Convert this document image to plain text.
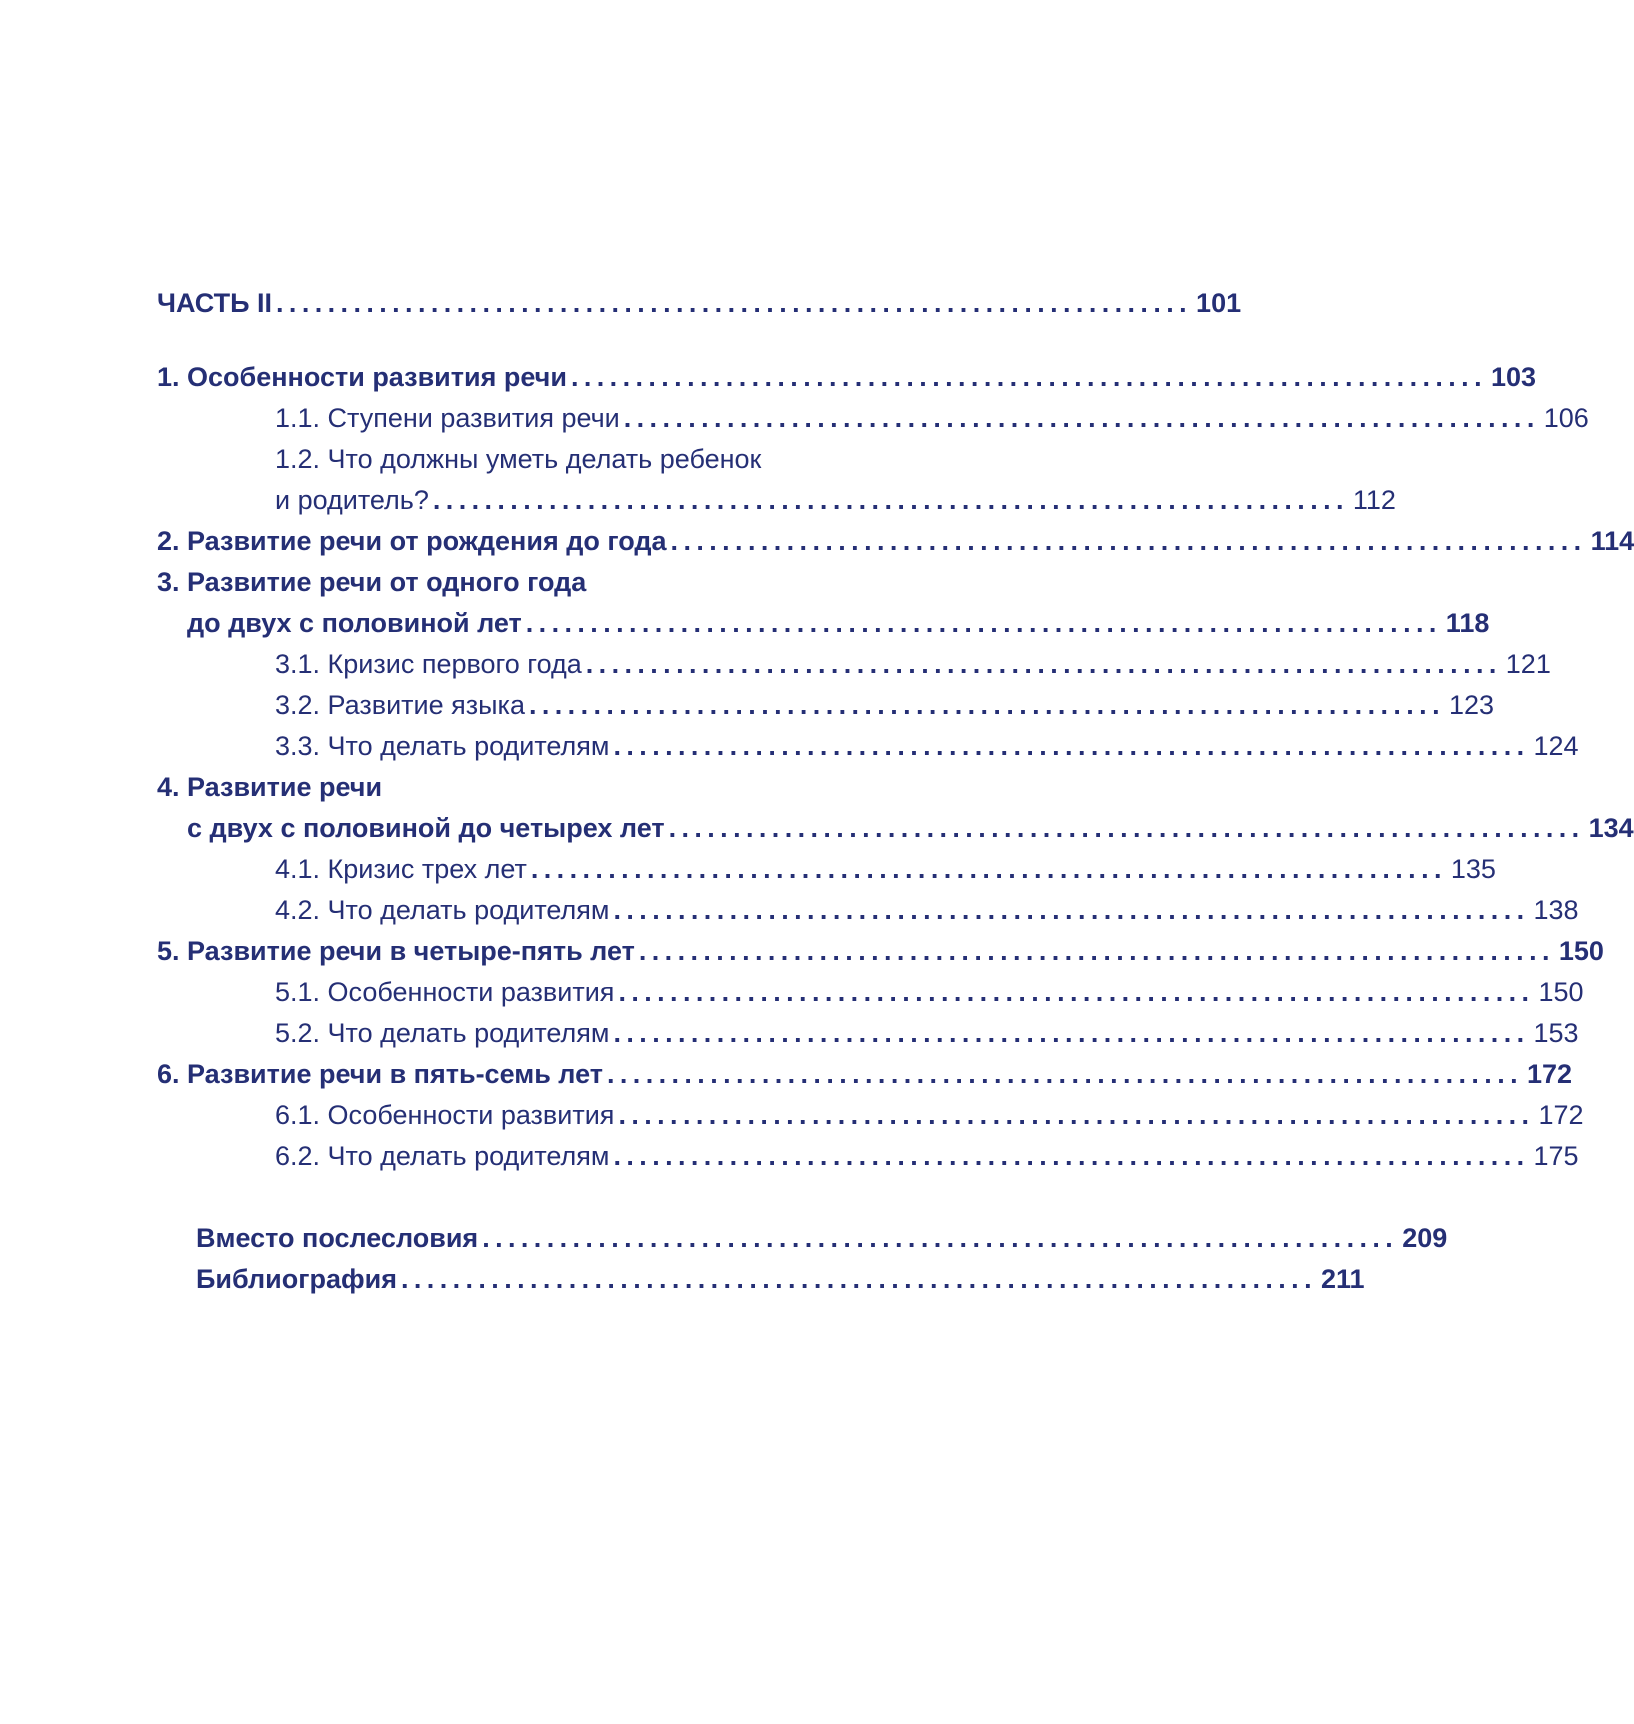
ЧАСТЬ II ....................................................................... 101
1. Особенности развития речи ....................................................................... 103
1.1. Ступени развития речи ....................................................................... 106
1.2. Что должны уметь делать ребенок
и родитель? ....................................................................... 112
2. Развитие речи от рождения до года ....................................................................... 114
3. Развитие речи от одного года
до двух с половиной лет ....................................................................... 118
3.1. Кризис первого года ....................................................................... 121
3.2. Развитие языка ....................................................................... 123
3.3. Что делать родителям ....................................................................... 124
4. Развитие речи
с двух с половиной до четырех лет ....................................................................... 134
4.1. Кризис трех лет ....................................................................... 135
4.2. Что делать родителям ....................................................................... 138
5. Развитие речи в четыре-пять лет ....................................................................... 150
5.1. Особенности развития ....................................................................... 150
5.2. Что делать родителям ....................................................................... 153
6. Развитие речи в пять-семь лет ....................................................................... 172
6.1. Особенности развития ....................................................................... 172
6.2. Что делать родителям ....................................................................... 175
Вместо послесловия ....................................................................... 209
Библиография ....................................................................... 211
